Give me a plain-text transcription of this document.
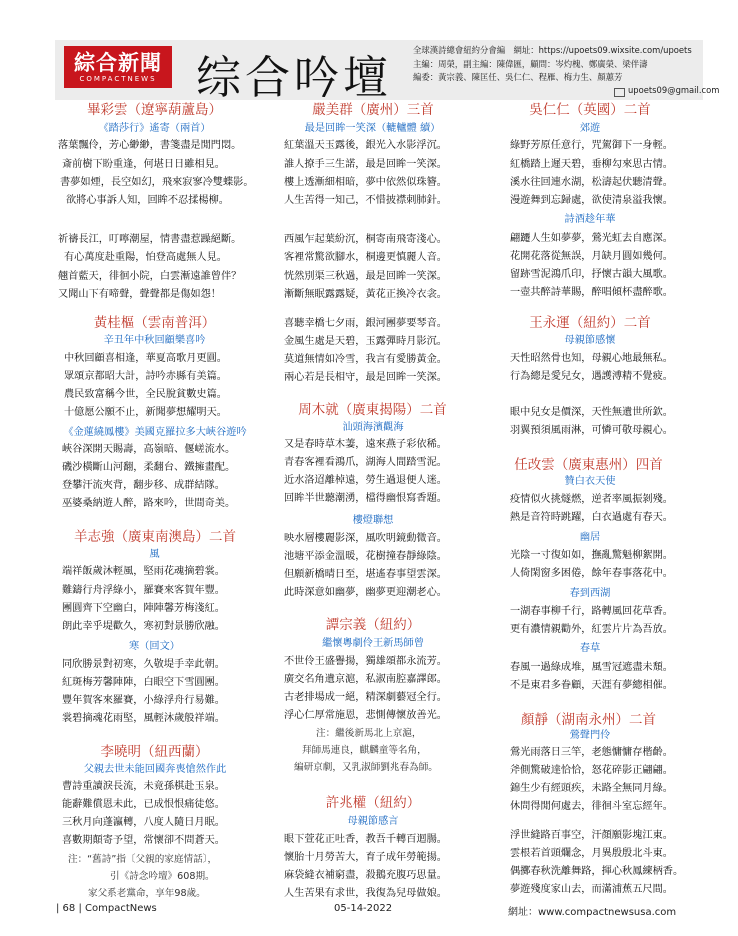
綜合新聞
COMPACTNEWS 综合吟壇
全球漢詩總會紐約分會編　網址：https://upoets09.wixsite.com/upoets
主編：周榮，副主編：陳偉匯，顧問：岑灼槐、鄭廣榮、梁伴濤
編委：黃宗義、陳匡任、吳仁仁、程雁、梅力生、顏蕙芳
upoets09@gmail.com
畢彩雲（遼寧葫蘆島）
《踏莎行》遙寄（兩首）
落葉飄伶，芳心緲緲，書箋盡是閒門悶。
斎前樹下盼重逢，何堪日日雖相見。
書夢如煙，長空如幻，飛來寂寥冷雙蝶影。
欲將心事訴人知，回眸不忍揉楊柳。
祈禱長江，叮嚀潮屋，情書盡惹躁絕斷。
有心萬度赴重陽，怕登高處無人見。
翹首藍天，徘徊小院，白雲漸遠誰曾伴？
又聞山下有啼聲，聲聲都是傷如怨！
黃桂樞（雲南普洱）
辛丑年中秋回顧樂喜吟
中秋回顧喜相逢，華夏高歌月更圓。
眾頌京都昭大計，詩吟赤縣有美篇。
農民致富稱今世，全民脫貧數史篇。
十億愿公願不止，新聞夢想耀明天。
《金蓮繞鳳樓》美國克羅拉多大峽谷遊吟
峽谷深開天賜壽，高嶺暗、偃嵯流水。
磯沙橫斷山河翻，柔翻台、鐵擁畫配。
登攀汗流夾背，翻步移、成群結隊。
巫婆桑納遊人醉，路來吟，世間奇美。
羊志強（廣東南澳島）二首
風
端祥飯歲沐輕風，堅雨花魂摘碧裳。
難鑄行舟浮綠小，羅賽來客賀年豐。
團圓齊下空幽白，陣陣馨芳梅淺紅。
朗此幸乎堤歡久，寒初對景勝欣融。
寒（回文）
同欣勝景對初寒，久敬堤手幸此朝。
紅斑梅芳馨陣陣，白眼空下雪圓團。
豐年賀客來羅賽，小綠浮舟行易難。
裳碧摘魂花雨堅，風輕沐歲般祥端。
李曉明（紐西蘭）
父親去世未能回國奔喪愴然作此
曹詩重讀淚長流，未竟孫棋赴玉泉。
能辭難償恩未此，已成恨恨痛徒悠。
三秋月向蓬瀛轉，八度人隨日月眠。
喜數期顛寄予望，常懷卻不問蒼天。
注：“舊詩”指〔父親的家庭情話〕，
引《詩念吟壇》608期。
家父系老黨命，享年98歲。
嚴美群（廣州）三首
最是回眸一笑深（轆轤體 續）
紅葉溫天玉露後，銀光入水影浮沉。
誰人撩手三生諾，最是回眸一笑深。
樓上透漸細相暗，夢中依然似珠簪。
人生苦得一知己，不惜披襟刺肺針。
西風乍起葉紛沉，桐寄南飛寄淺心。
客裡常驚欲腳水，桐邊更慎麗人音。
恍然別渠三秋過，最是回眸一笑深。
漸斷無眠露露疑，黃花正換冷衣衾。
喜聽幸橋七夕雨，銀河團夢要琴音。
金風生處是天碧，玉露彈時月影沉。
莫道無情如冷雪，我言有愛勝黃金。
兩心若是長相守，最是回眸一笑深。
周木就（廣東揭陽）二首
汕頭海濱觀海
又是春時草木萋，遠來燕子彩依稀。
青春客裡看鴻爪，湖海人間踏雪泥。
近水洛迢離棹遠，勞生過退便人迷。
回眸半世聽潮湧，檔得幽恨寫香題。
樓燈聯想
映水層樓麗影深，風吹明鏡動微音。
池塘平添金溫暖，花樹撞春靜綠陰。
但願新橋晴日至，堪遙春事望雲深。
此時深意如幽夢，幽夢更迎潮老心。
譚宗義（紐約）
繼懷粵劇伶王新馬師曾
不世伶王盛譽揚，獨雄頌都永流芳。
廣交名角遺京滬，私淑南腔嘉譯郎。
古老排場成一絕，精深劇藝冠全行。
浮心仁厚常施恩，悲惻傳懷放善光。
注：繼後新馬北上京滬，
拜師馬連良，麒麟童等名角，
編研京劇，又乳淑師劉兆春為師。
許兆權（紐約）
母親節感言
眼下萱花正吐香，教吾千轉百迴腸。
懷胎十月勞苦大，育子成年勞範揚。
麻袋縫衣補窮盡，殺鵝充腹巧思量。
人生苦果有求世，我復為兒母做娘。
吳仁仁（英國）二首
郊遊
綠野芳原任意行，咒駕御下一身輕。
紅橋踏上遲天碧，垂柳勾來思古情。
溪水往回連水湖，松濤起伏聽清聲。
漫遊舞到忘歸處，欲使清泉溢我懷。
詩酒趁年華
翩躚人生如夢夢，鶯光虹去自應深。
花開花落從無誤，月缺月圓如幾何。
留跡雪泥鴻爪印，抒懷古韻大風歌。
一壺共醉詩華賜，醉唱傾杯盡醉歌。
王永運（紐約）二首
母親節感懷
天性昭然骨也知，母親心地最無私。
行為總是愛兒女，遇護溥精不覺疲。
眼中兒女是價深，天性無遺世所欽。
羽翼預須風雨淋，可憐可敬母親心。
任改雲（廣東惠州）四首
贊白衣天使
疫情似火挑燧燃，逆者率風振剝殘。
熱是音符時跳躍，白衣過處有春天。
幽居
光陰一寸復如如，撫亂驚魁柳絮開。
人倚閑窗多困倦，餘年春事落花中。
春到西湖
一湖春事柳千行，路轉風回花草香。
更有濃情親勸外，紅雲片片為吾放。
春草
春風一過綠成堆，風雪冠遮盡未頹。
不是東君多眷顧，天涯有夢總相催。
顏靜（湖南永州）二首
鶯聲門伶
鶯光雨落日三竿，老態慵慵存楷齡。
斧側驚破達恰恰，怒花碎影正翩翩。
錦生少有經頭疾，未路全無同月綠。
休問得閒何處去，徘徊斗室忘經年。
浮世縫路百事空，汗顏願影塊江東。
雲根若首頭爛念，月異殷殷北斗東。
偶擲春秋洗離舞路，揮心秋鳳練柄香。
夢遊殘度家山去，而滿浦蕉五尺間。
| 68 | CompactNews	05-14-2022	網址：www.compactnewsusa.com
